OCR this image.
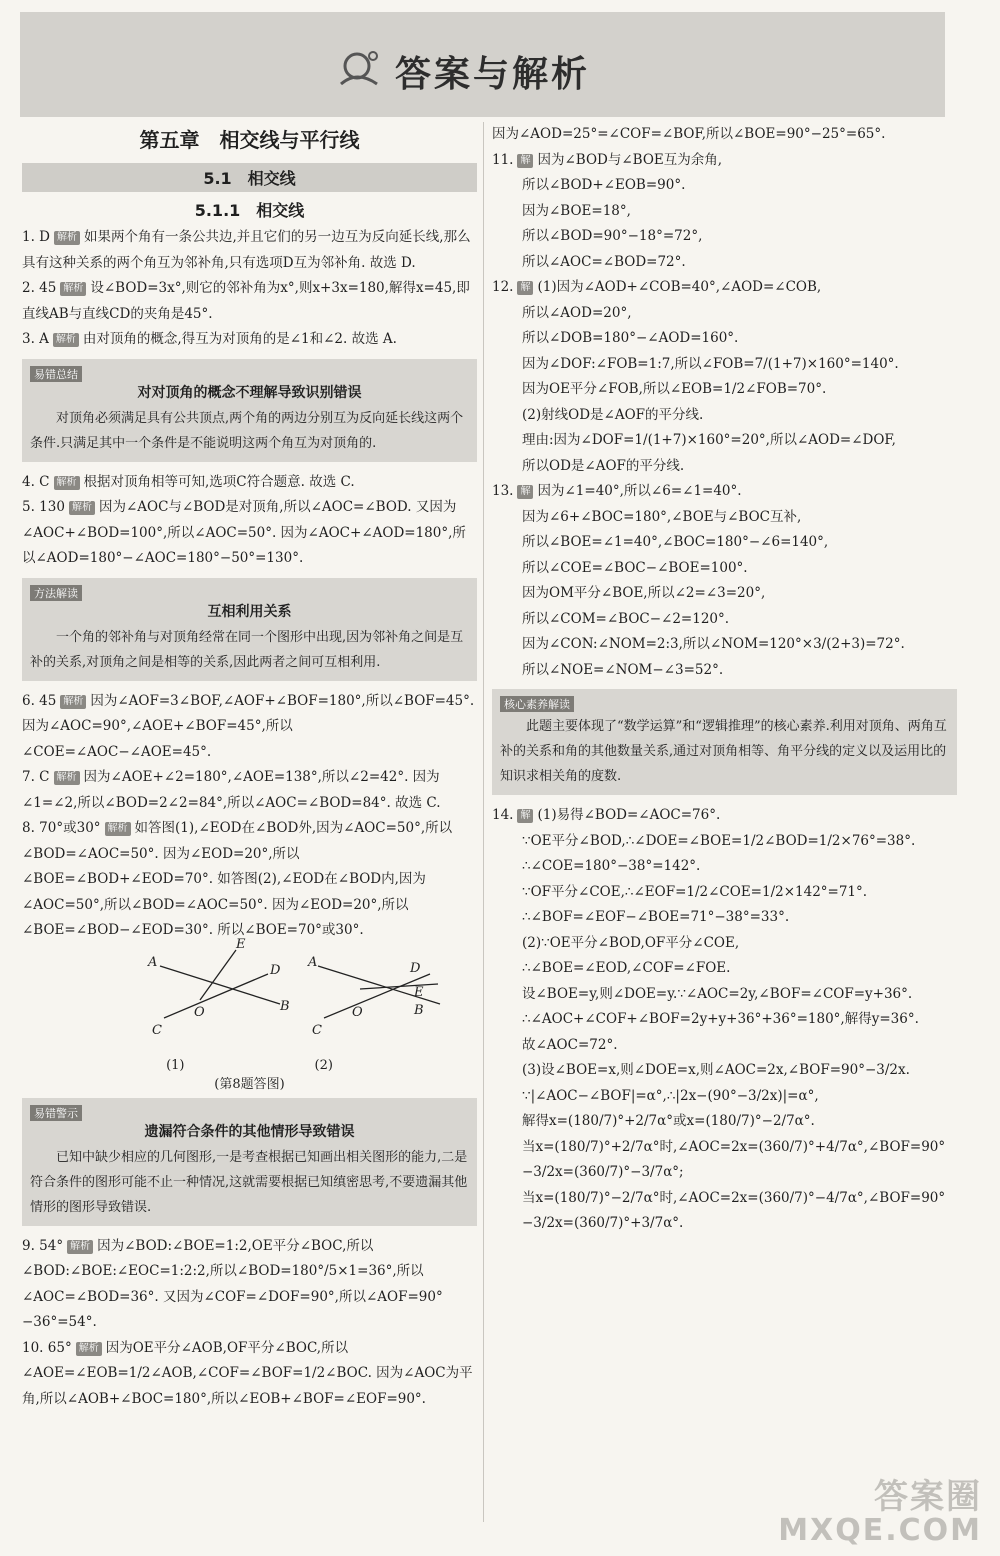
答案与解析
第五章　相交线与平行线
5.1　相交线
5.1.1　相交线

1. D 解析 如果两个角有一条公共边,并且它们的另一边互为反向延长线,那么具有这种关系的两个角互为邻补角,只有选项D互为邻补角. 故选 D.

2. 45 解析 设∠BOD=3x°,则它的邻补角为x°,则x+3x=180,解得x=45,即直线AB与直线CD的夹角是45°.

3. A 解析 由对顶角的概念,得互为对顶角的是∠1和∠2. 故选 A.

易错总结
对对顶角的概念不理解导致识别错误

对顶角必须满足具有公共顶点,两个角的两边分别互为反向延长线这两个条件.只满足其中一个条件是不能说明这两个角互为对顶角的.

4. C 解析 根据对顶角相等可知,选项C符合题意. 故选 C.

5. 130 解析 因为∠AOC与∠BOD是对顶角,所以∠AOC=∠BOD. 又因为∠AOC+∠BOD=100°,所以∠AOC=50°. 因为∠AOC+∠AOD=180°,所以∠AOD=180°−∠AOC=180°−50°=130°.

方法解读
互相利用关系

一个角的邻补角与对顶角经常在同一个图形中出现,因为邻补角之间是互补的关系,对顶角之间是相等的关系,因此两者之间可互相利用.

6. 45 解析 因为∠AOF=3∠BOF,∠AOF+∠BOF=180°,所以∠BOF=45°. 因为∠AOC=90°,∠AOE+∠BOF=45°,所以∠COE=∠AOC−∠AOE=45°.

7. C 解析 因为∠AOE+∠2=180°,∠AOE=138°,所以∠2=42°. 因为∠1=∠2,所以∠BOD=2∠2=84°,所以∠AOC=∠BOD=84°. 故选 C.

8. 70°或30° 解析 如答图(1),∠EOD在∠BOD外,因为∠AOC=50°,所以∠BOD=∠AOC=50°. 因为∠EOD=20°,所以∠BOE=∠BOD+∠EOD=70°. 如答图(2),∠EOD在∠BOD内,因为∠AOC=50°,所以∠BOD=∠AOC=50°. 因为∠EOD=20°,所以∠BOE=∠BOD−∠EOD=30°. 所以∠BOE=70°或30°.

A
E
D
O
C
B
A	D
E
O
C
B
(1)	(2)
(第8题答图)
易错警示
遗漏符合条件的其他情形导致错误

已知中缺少相应的几何图形,一是考查根据已知画出相关图形的能力,二是符合条件的图形可能不止一种情况,这就需要根据已知缜密思考,不要遗漏其他情形的图形导致错误.

9. 54° 解析 因为∠BOD:∠BOE=1:2,OE平分∠BOC,所以∠BOD:∠BOE:∠EOC=1:2:2,所以∠BOD=180°/5×1=36°,所以∠AOC=∠BOD=36°. 又因为∠COF=∠DOF=90°,所以∠AOF=90°−36°=54°.

10. 65° 解析 因为OE平分∠AOB,OF平分∠BOC,所以∠AOE=∠EOB=1/2∠AOB,∠COF=∠BOF=1/2∠BOC. 因为∠AOC为平角,所以∠AOB+∠BOC=180°,所以∠EOB+∠BOF=∠EOF=90°.

因为∠AOD=25°=∠COF=∠BOF,所以∠BOE=90°−25°=65°.

11. 解 因为∠BOD与∠BOE互为余角,

所以∠BOD+∠EOB=90°.

因为∠BOE=18°,

所以∠BOD=90°−18°=72°,

所以∠AOC=∠BOD=72°.

12. 解 (1)因为∠AOD+∠COB=40°,∠AOD=∠COB,

所以∠AOD=20°,

所以∠DOB=180°−∠AOD=160°.

因为∠DOF:∠FOB=1:7,所以∠FOB=7/(1+7)×160°=140°.

因为OE平分∠FOB,所以∠EOB=1/2∠FOB=70°.

(2)射线OD是∠AOF的平分线.

理由:因为∠DOF=1/(1+7)×160°=20°,所以∠AOD=∠DOF,

所以OD是∠AOF的平分线.

13. 解 因为∠1=40°,所以∠6=∠1=40°.

因为∠6+∠BOC=180°,∠BOE与∠BOC互补,

所以∠BOE=∠1=40°,∠BOC=180°−∠6=140°,

所以∠COE=∠BOC−∠BOE=100°.

因为OM平分∠BOE,所以∠2=∠3=20°,

所以∠COM=∠BOC−∠2=120°.

因为∠CON:∠NOM=2:3,所以∠NOM=120°×3/(2+3)=72°.

所以∠NOE=∠NOM−∠3=52°.

核心素养解读

此题主要体现了“数学运算”和“逻辑推理”的核心素养.利用对顶角、两角互补的关系和角的其他数量关系,通过对顶角相等、角平分线的定义以及运用比的知识求相关角的度数.

14. 解 (1)易得∠BOD=∠AOC=76°.

∵OE平分∠BOD,∴∠DOE=∠BOE=1/2∠BOD=1/2×76°=38°.

∴∠COE=180°−38°=142°.

∵OF平分∠COE,∴∠EOF=1/2∠COE=1/2×142°=71°.

∴∠BOF=∠EOF−∠BOE=71°−38°=33°.

(2)∵OE平分∠BOD,OF平分∠COE,

∴∠BOE=∠EOD,∠COF=∠FOE.

设∠BOE=y,则∠DOE=y.∵∠AOC=2y,∠BOF=∠COF=y+36°.

∴∠AOC+∠COF+∠BOF=2y+y+36°+36°=180°,解得y=36°.

故∠AOC=72°.

(3)设∠BOE=x,则∠DOE=x,则∠AOC=2x,∠BOF=90°−3/2x.

∵|∠AOC−∠BOF|=α°,∴|2x−(90°−3/2x)|=α°,

解得x=(180/7)°+2/7α°或x=(180/7)°−2/7α°.

当x=(180/7)°+2/7α°时,∠AOC=2x=(360/7)°+4/7α°,∠BOF=90°−3/2x=(360/7)°−3/7α°;

当x=(180/7)°−2/7α°时,∠AOC=2x=(360/7)°−4/7α°,∠BOF=90°−3/2x=(360/7)°+3/7α°.

答案圈
MXQE.COM
